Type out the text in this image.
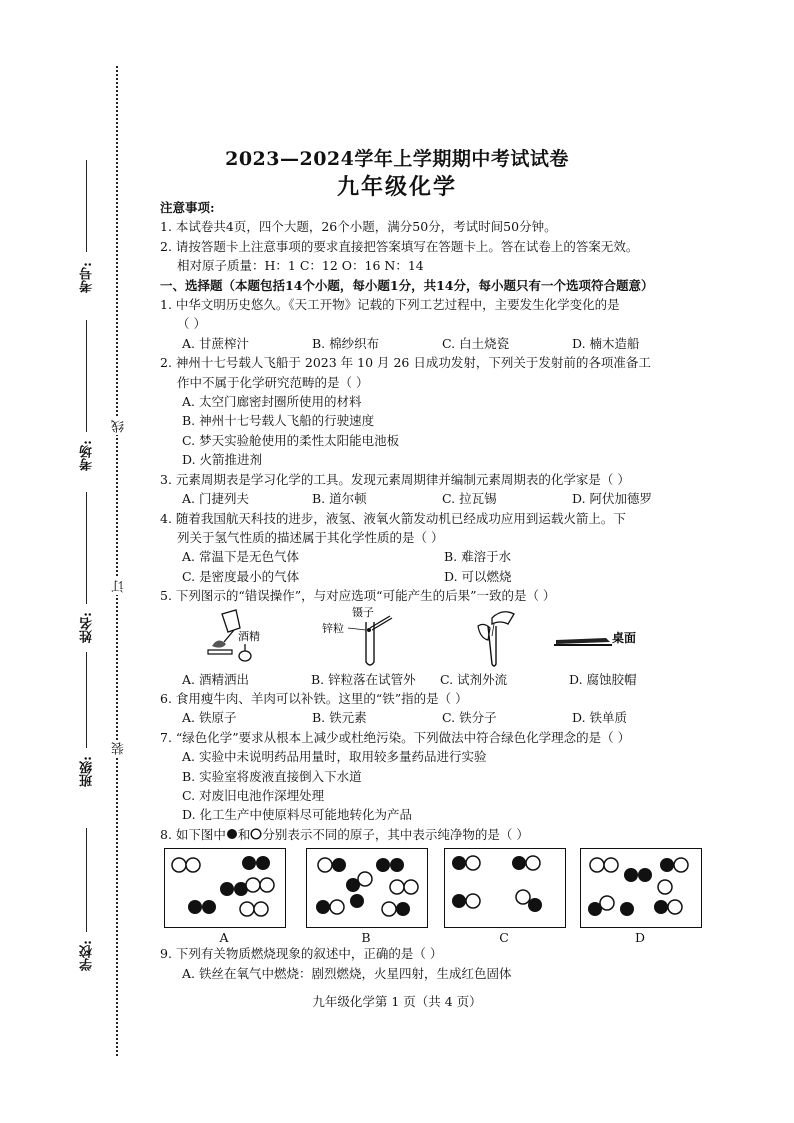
考号:
考场:
姓名:
班级:
学校:
线
订
装
2023—2024学年上学期期中考试试卷
九年级化学
注意事项:
1. 本试卷共4页，四个大题，26个小题，满分50分，考试时间50分钟。
2. 请按答题卡上注意事项的要求直接把答案填写在答题卡上。答在试卷上的答案无效。
相对原子质量：H：1 C：12 O：16 N：14
一、选择题（本题包括14个小题，每小题1分，共14分，每小题只有一个选项符合题意）
1. 中华文明历史悠久。《天工开物》记载的下列工艺过程中，主要发生化学变化的是
（ ）
A. 甘蔗榨汁	B. 棉纱织布	C. 白土烧瓷	D. 楠木造船
2. 神州十七号载人飞船于 2023 年 10 月 26 日成功发射，下列关于发射前的各项准备工
作中不属于化学研究范畴的是（ ）
A. 太空门廊密封圈所使用的材料
B. 神州十七号载人飞船的行驶速度
C. 梦天实验舱使用的柔性太阳能电池板
D. 火箭推进剂
3. 元素周期表是学习化学的工具。发现元素周期律并编制元素周期表的化学家是（ ）
A. 门捷列夫	B. 道尔顿	C. 拉瓦锡	D. 阿伏加德罗
4. 随着我国航天科技的进步，液氢、液氧火箭发动机已经成功应用到运载火箭上。下
列关于氢气性质的描述属于其化学性质的是（ ）
A. 常温下是无色气体	B. 难溶于水
C. 是密度最小的气体	D. 可以燃烧
5. 下列图示的“错误操作”，与对应选项“可能产生的后果”一致的是（ ）
酒精
镊子
锌粒
桌面
A. 酒精洒出	B. 锌粒落在试管外	C. 试剂外流	D. 腐蚀胶帽
6. 食用瘦牛肉、羊肉可以补铁。这里的“铁”指的是（ ）
A. 铁原子	B. 铁元素	C. 铁分子	D. 铁单质
7. “绿色化学”要求从根本上减少或杜绝污染。下列做法中符合绿色化学理念的是（ ）
A. 实验中未说明药品用量时，取用较多量药品进行实验
B. 实验室将废液直接倒入下水道
C. 对废旧电池作深埋处理
D. 化工生产中使原料尽可能地转化为产品
8. 如下图中 和 分别表示不同的原子，其中表示纯净物的是（ ）
A	B	C	D
9. 下列有关物质燃烧现象的叙述中，正确的是（ ）
A. 铁丝在氧气中燃烧：剧烈燃烧，火星四射，生成红色固体
九年级化学第 1 页（共 4 页）
